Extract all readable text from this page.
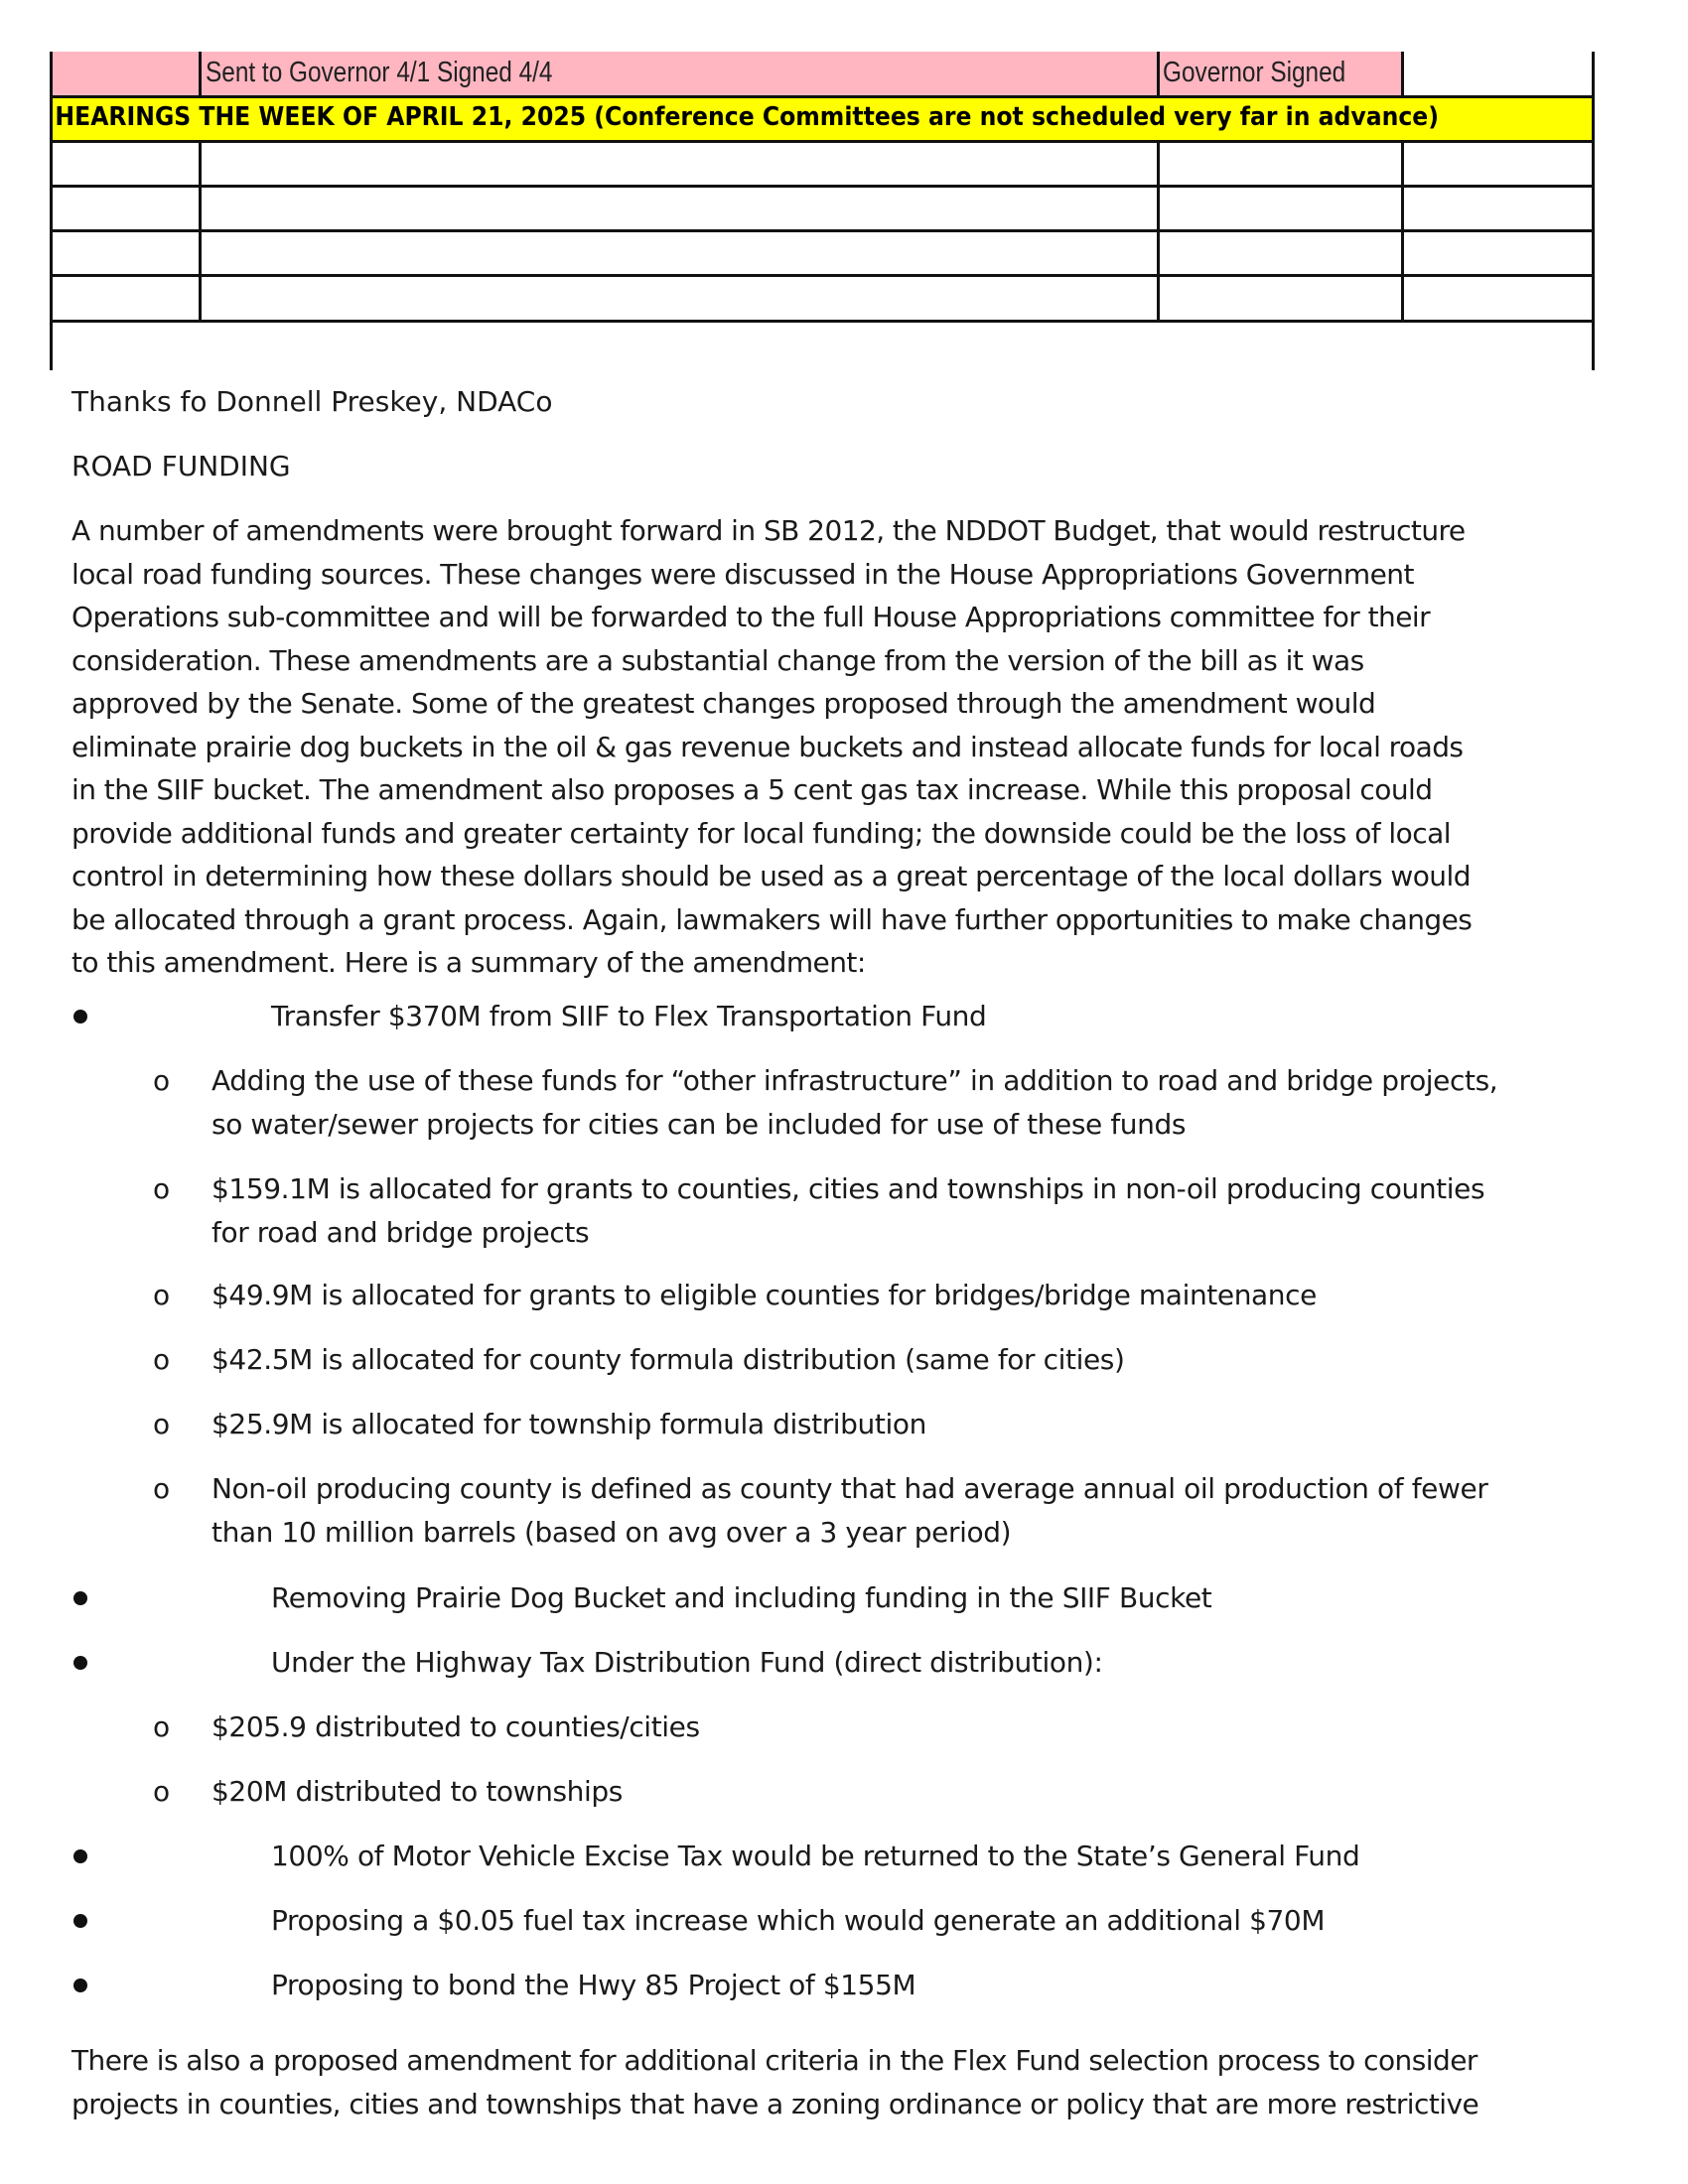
Sent to Governor 4/1 Signed 4/4	Governor Signed
HEARINGS THE WEEK OF APRIL 21, 2025 (Conference Committees are not scheduled very far in advance)

Thanks fo Donnell Preskey, NDACo

ROAD FUNDING

A number of amendments were brought forward in SB 2012, the NDDOT Budget, that would restructure local road funding sources. These changes were discussed in the House Appropriations Government Operations sub-committee and will be forwarded to the full House Appropriations committee for their consideration. These amendments are a substantial change from the version of the bill as it was approved by the Senate. Some of the greatest changes proposed through the amendment would eliminate prairie dog buckets in the oil & gas revenue buckets and instead allocate funds for local roads in the SIIF bucket. The amendment also proposes a 5 cent gas tax increase. While this proposal could provide additional funds and greater certainty for local funding; the downside could be the loss of local control in determining how these dollars should be used as a great percentage of the local dollars would be allocated through a grant process. Again, lawmakers will have further opportunities to make changes to this amendment. Here is a summary of the amendment:

Transfer $370M from SIIF to Flex Transportation Fund
o Adding the use of these funds for “other infrastructure” in addition to road and bridge projects, so water/sewer projects for cities can be included for use of these funds
o $159.1M is allocated for grants to counties, cities and townships in non-oil producing counties for road and bridge projects
o $49.9M is allocated for grants to eligible counties for bridges/bridge maintenance
o $42.5M is allocated for county formula distribution (same for cities)
o $25.9M is allocated for township formula distribution
o Non-oil producing county is defined as county that had average annual oil production of fewer than 10 million barrels (based on avg over a 3 year period)
Removing Prairie Dog Bucket and including funding in the SIIF Bucket
Under the Highway Tax Distribution Fund (direct distribution):
o $205.9 distributed to counties/cities
o $20M distributed to townships
100% of Motor Vehicle Excise Tax would be returned to the State’s General Fund
Proposing a $0.05 fuel tax increase which would generate an additional $70M
Proposing to bond the Hwy 85 Project of $155M

There is also a proposed amendment for additional criteria in the Flex Fund selection process to consider projects in counties, cities and townships that have a zoning ordinance or policy that are more restrictive
